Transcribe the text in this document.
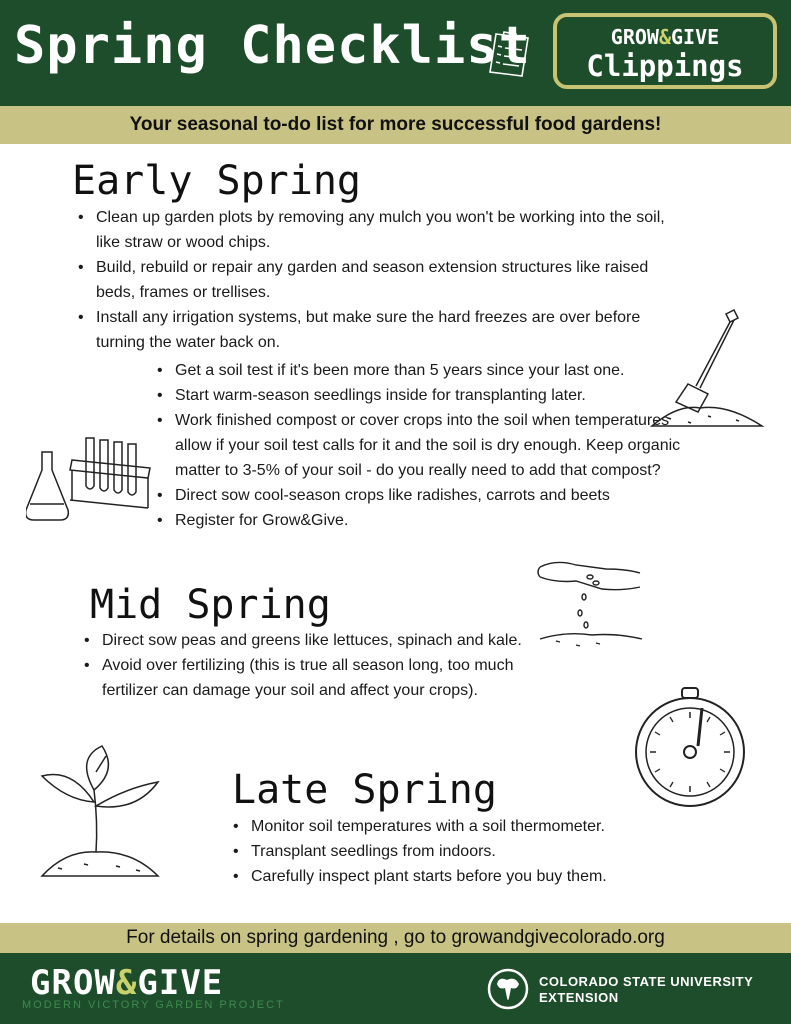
Spring Checklist	GROW&GIVE
Clippings
Your seasonal to-do list for more successful food gardens!
Early Spring
• Clean up garden plots by removing any mulch you won't be working into the soil, like straw or wood chips.
• Build, rebuild or repair any garden and season extension structures like raised beds, frames or trellises.
• Install any irrigation systems, but make sure the hard freezes are over before turning the water back on.
• Get a soil test if it's been more than 5 years since your last one.
• Start warm-season seedlings inside for transplanting later.
• Work finished compost or cover crops into the soil when temperatures allow if your soil test calls for it and the soil is dry enough. Keep organic matter to 3-5% of your soil - do you really need to add that compost?
• Direct sow cool-season crops like radishes, carrots and beets
• Register for Grow&Give.
Mid Spring
• Direct sow peas and greens like lettuces, spinach and kale.
• Avoid over fertilizing (this is true all season long, too much fertilizer can damage your soil and affect your crops).
Late Spring
• Monitor soil temperatures with a soil thermometer.
• Transplant seedlings from indoors.
• Carefully inspect plant starts before you buy them.
For details on spring gardening , go to growandgivecolorado.org
GROW&GIVE
MODERN VICTORY GARDEN PROJECT
COLORADO STATE UNIVERSITY
EXTENSION
